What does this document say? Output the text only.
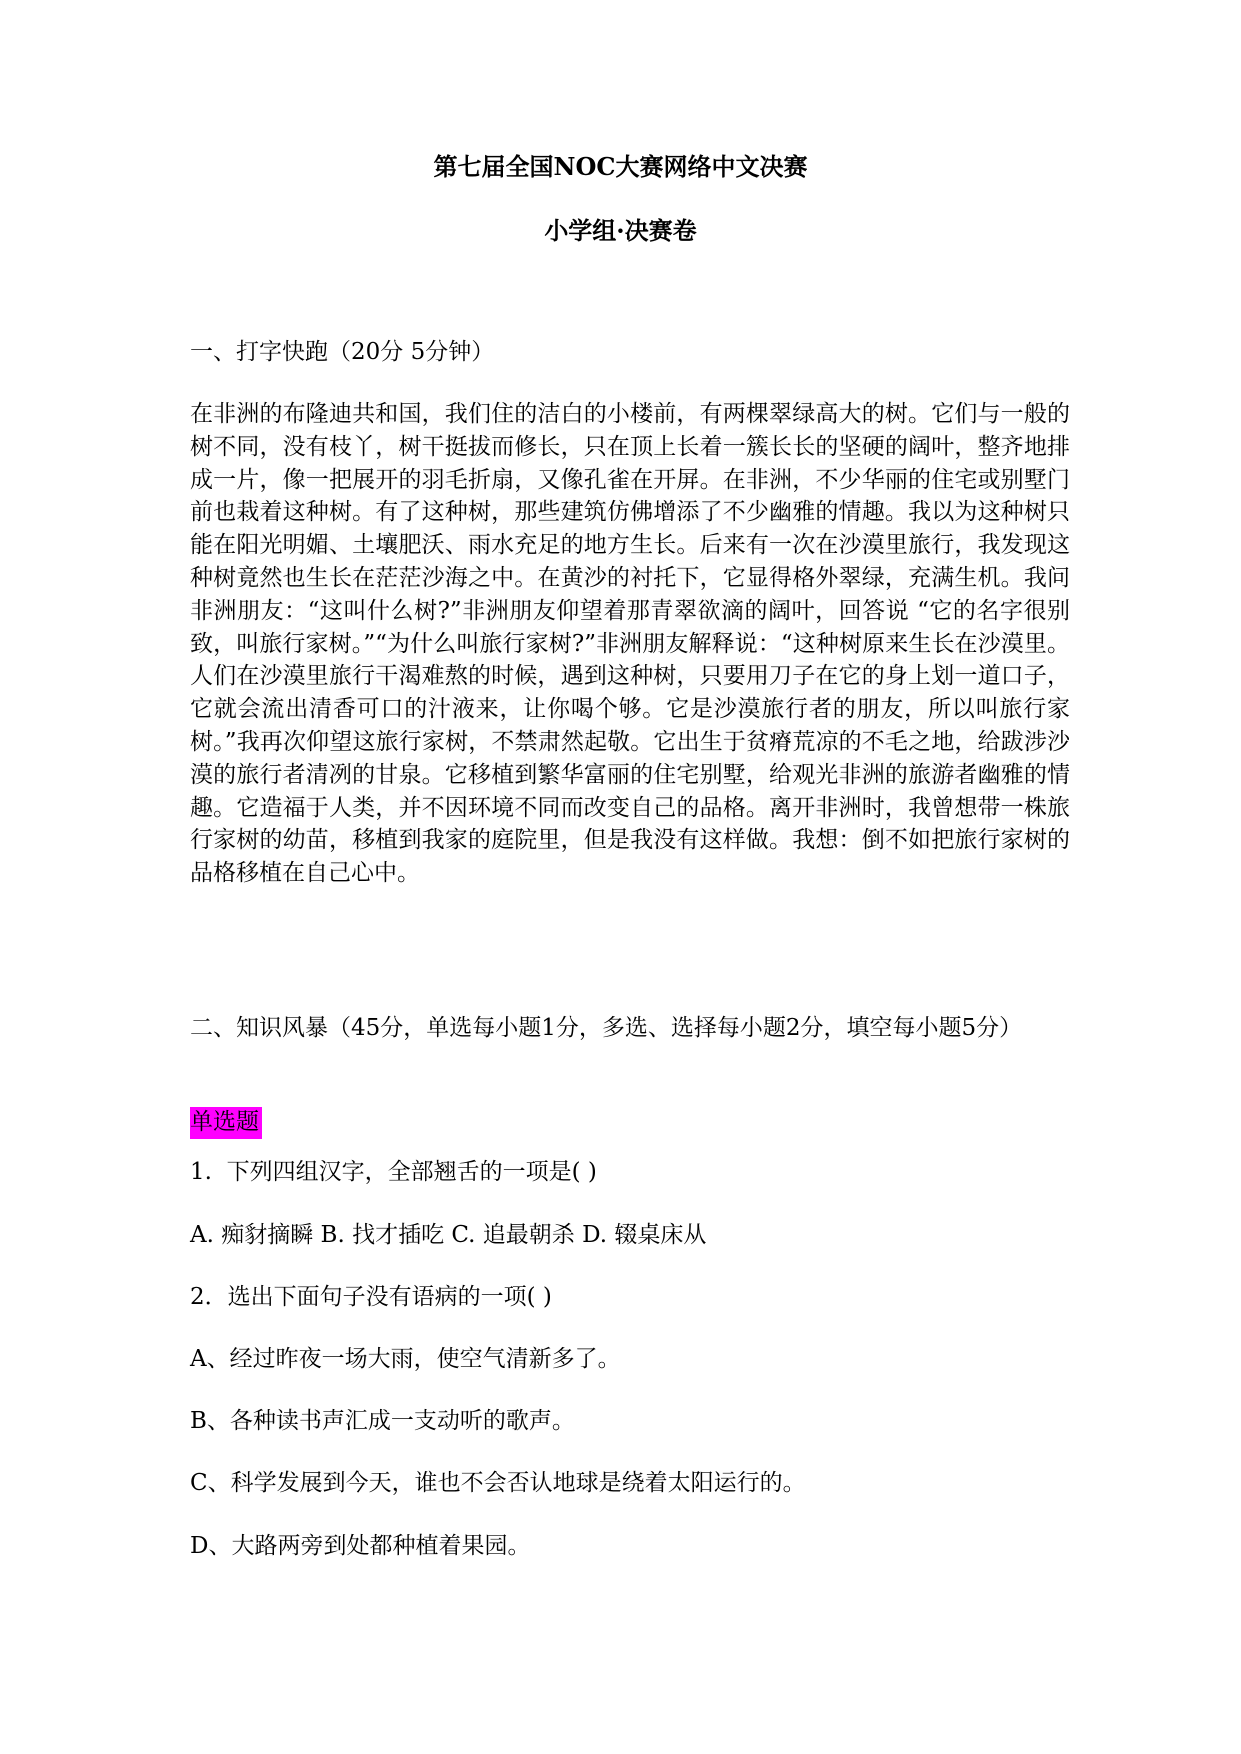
第七届全国NOC大赛网络中文决赛
小学组·决赛卷
一、打字快跑（20分 5分钟）
在非洲的布隆迪共和国，我们住的洁白的小楼前，有两棵翠绿高大的树。它们与一般的树不同，没有枝丫，树干挺拔而修长，只在顶上长着一簇长长的坚硬的阔叶，整齐地排成一片，像一把展开的羽毛折扇，又像孔雀在开屏。在非洲，不少华丽的住宅或别墅门前也栽着这种树。有了这种树，那些建筑仿佛增添了不少幽雅的情趣。我以为这种树只能在阳光明媚、土壤肥沃、雨水充足的地方生长。后来有一次在沙漠里旅行，我发现这种树竟然也生长在茫茫沙海之中。在黄沙的衬托下，它显得格外翠绿，充满生机。我问非洲朋友：“这叫什么树?”非洲朋友仰望着那青翠欲滴的阔叶，回答说 “它的名字很别致，叫旅行家树。”“为什么叫旅行家树?”非洲朋友解释说：“这种树原来生长在沙漠里。人们在沙漠里旅行干渴难熬的时候，遇到这种树，只要用刀子在它的身上划一道口子，它就会流出清香可口的汁液来，让你喝个够。它是沙漠旅行者的朋友，所以叫旅行家树。”我再次仰望这旅行家树，不禁肃然起敬。它出生于贫瘠荒凉的不毛之地，给跋涉沙漠的旅行者清冽的甘泉。它移植到繁华富丽的住宅别墅，给观光非洲的旅游者幽雅的情趣。它造福于人类，并不因环境不同而改变自己的品格。离开非洲时，我曾想带一株旅行家树的幼苗，移植到我家的庭院里，但是我没有这样做。我想：倒不如把旅行家树的品格移植在自己心中。
二、知识风暴（45分，单选每小题1分，多选、选择每小题2分，填空每小题5分）
单选题
1.  下列四组汉字，全部翘舌的一项是( )
A. 痴豺摘瞬 B. 找才插吃 C. 追最朝杀 D. 辍桌床从
2．选出下面句子没有语病的一项( )
A、经过昨夜一场大雨，使空气清新多了。
B、各种读书声汇成一支动听的歌声。
C、科学发展到今天，谁也不会否认地球是绕着太阳运行的。
D、大路两旁到处都种植着果园。
